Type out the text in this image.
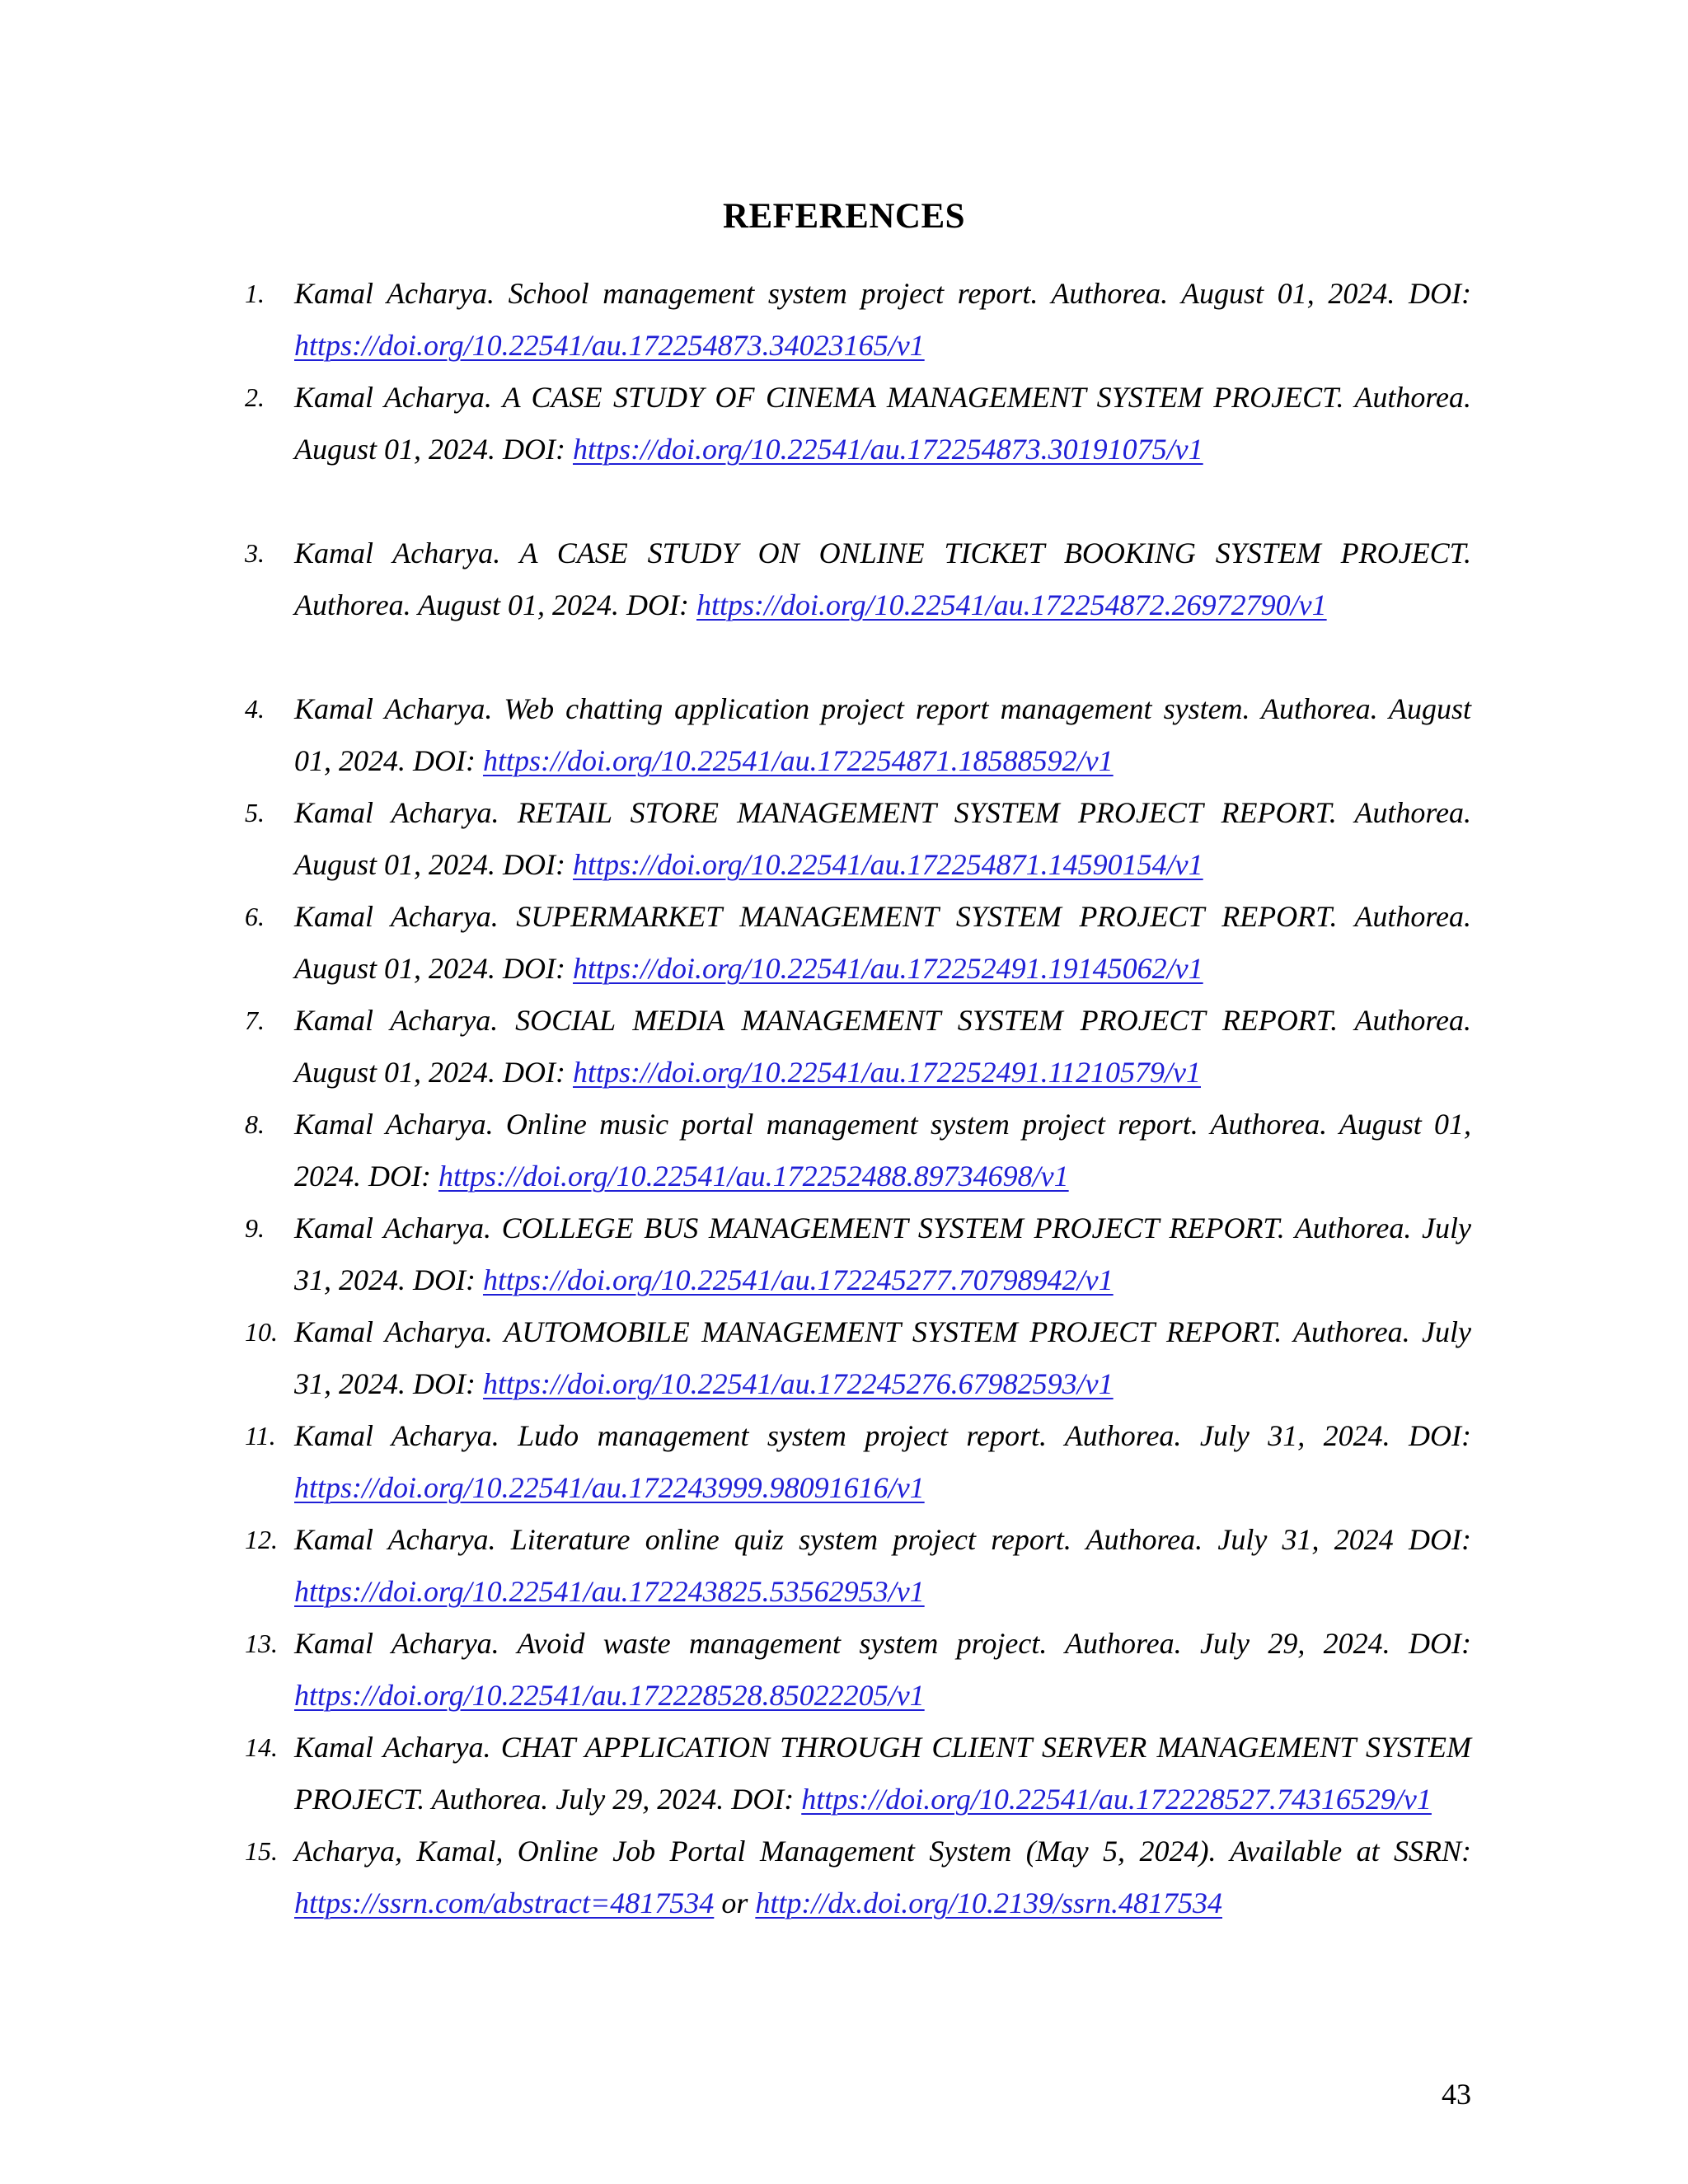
REFERENCES
1. Kamal Acharya. School management system project report. Authorea. August 01, 2024. DOI: https://doi.org/10.22541/au.172254873.34023165/v1
2. Kamal Acharya. A CASE STUDY OF CINEMA MANAGEMENT SYSTEM PROJECT. Authorea. August 01, 2024. DOI: https://doi.org/10.22541/au.172254873.30191075/v1
3. Kamal Acharya. A CASE STUDY ON ONLINE TICKET BOOKING SYSTEM PROJECT. Authorea. August 01, 2024. DOI: https://doi.org/10.22541/au.172254872.26972790/v1
4. Kamal Acharya. Web chatting application project report management system. Authorea. August 01, 2024. DOI: https://doi.org/10.22541/au.172254871.18588592/v1
5. Kamal Acharya. RETAIL STORE MANAGEMENT SYSTEM PROJECT REPORT. Authorea. August 01, 2024. DOI: https://doi.org/10.22541/au.172254871.14590154/v1
6. Kamal Acharya. SUPERMARKET MANAGEMENT SYSTEM PROJECT REPORT. Authorea. August 01, 2024. DOI: https://doi.org/10.22541/au.172252491.19145062/v1
7. Kamal Acharya. SOCIAL MEDIA MANAGEMENT SYSTEM PROJECT REPORT. Authorea. August 01, 2024. DOI: https://doi.org/10.22541/au.172252491.11210579/v1
8. Kamal Acharya. Online music portal management system project report. Authorea. August 01, 2024. DOI: https://doi.org/10.22541/au.172252488.89734698/v1
9. Kamal Acharya. COLLEGE BUS MANAGEMENT SYSTEM PROJECT REPORT. Authorea. July 31, 2024. DOI: https://doi.org/10.22541/au.172245277.70798942/v1
10. Kamal Acharya. AUTOMOBILE MANAGEMENT SYSTEM PROJECT REPORT. Authorea. July 31, 2024. DOI: https://doi.org/10.22541/au.172245276.67982593/v1
11. Kamal Acharya. Ludo management system project report. Authorea. July 31, 2024. DOI: https://doi.org/10.22541/au.172243999.98091616/v1
12. Kamal Acharya. Literature online quiz system project report. Authorea. July 31, 2024 DOI: https://doi.org/10.22541/au.172243825.53562953/v1
13. Kamal Acharya. Avoid waste management system project. Authorea. July 29, 2024. DOI: https://doi.org/10.22541/au.172228528.85022205/v1
14. Kamal Acharya. CHAT APPLICATION THROUGH CLIENT SERVER MANAGEMENT SYSTEM PROJECT. Authorea. July 29, 2024. DOI: https://doi.org/10.22541/au.172228527.74316529/v1
15. Acharya, Kamal, Online Job Portal Management System (May 5, 2024). Available at SSRN: https://ssrn.com/abstract=4817534 or http://dx.doi.org/10.2139/ssrn.4817534
43
